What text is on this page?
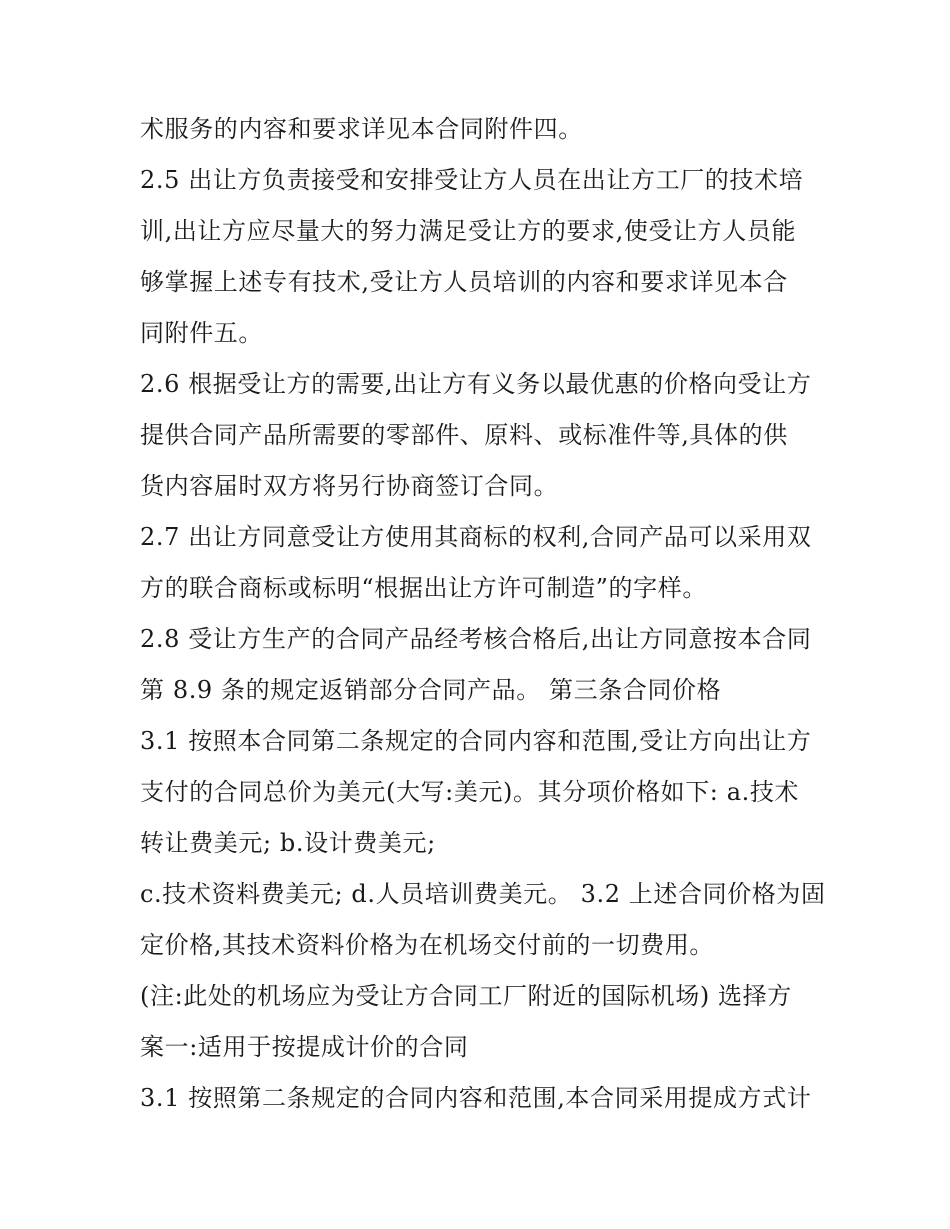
术服务的内容和要求详见本合同附件四。
2.5 出让方负责接受和安排受让方人员在出让方工厂的技术培
训,出让方应尽量大的努力满足受让方的要求,使受让方人员能
够掌握上述专有技术,受让方人员培训的内容和要求详见本合
同附件五。
2.6 根据受让方的需要,出让方有义务以最优惠的价格向受让方
提供合同产品所需要的零部件、原料、或标准件等,具体的供
货内容届时双方将另行协商签订合同。
2.7 出让方同意受让方使用其商标的权利,合同产品可以采用双
方的联合商标或标明“根据出让方许可制造”的字样。
2.8 受让方生产的合同产品经考核合格后,出让方同意按本合同
第 8.9 条的规定返销部分合同产品。 第三条合同价格
3.1 按照本合同第二条规定的合同内容和范围,受让方向出让方
支付的合同总价为美元(大写:美元)。其分项价格如下: a.技术
转让费美元; b.设计费美元;
c.技术资料费美元; d.人员培训费美元。 3.2 上述合同价格为固
定价格,其技术资料价格为在机场交付前的一切费用。
(注:此处的机场应为受让方合同工厂附近的国际机场) 选择方
案一:适用于按提成计价的合同
3.1 按照第二条规定的合同内容和范围,本合同采用提成方式计
